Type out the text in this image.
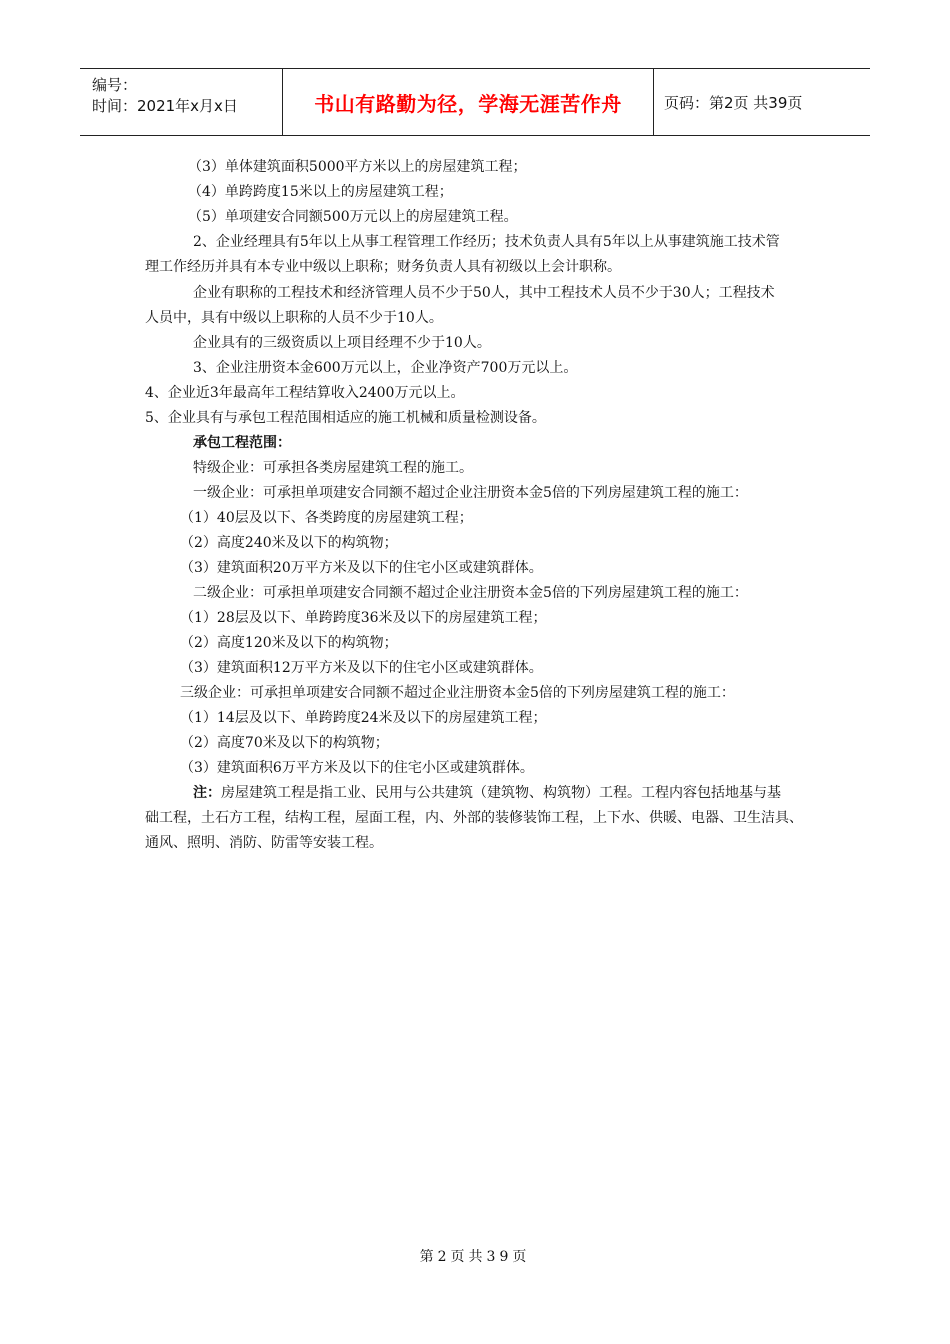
编号：
时间：2021年x月x日	书山有路勤为径，学海无涯苦作舟	页码：第2页 共39页
（3）单体建筑面积5000平方米以上的房屋建筑工程；
（4）单跨跨度15米以上的房屋建筑工程；
（5）单项建安合同额500万元以上的房屋建筑工程。
2、企业经理具有5年以上从事工程管理工作经历；技术负责人具有5年以上从事建筑施工技术管
理工作经历并具有本专业中级以上职称；财务负责人具有初级以上会计职称。
企业有职称的工程技术和经济管理人员不少于50人，其中工程技术人员不少于30人；工程技术
人员中，具有中级以上职称的人员不少于10人。
企业具有的三级资质以上项目经理不少于10人。
3、企业注册资本金600万元以上，企业净资产700万元以上。
4、企业近3年最高年工程结算收入2400万元以上。
5、企业具有与承包工程范围相适应的施工机械和质量检测设备。
承包工程范围：
特级企业：可承担各类房屋建筑工程的施工。
一级企业：可承担单项建安合同额不超过企业注册资本金5倍的下列房屋建筑工程的施工：
（1）40层及以下、各类跨度的房屋建筑工程；
（2）高度240米及以下的构筑物；
（3）建筑面积20万平方米及以下的住宅小区或建筑群体。
二级企业：可承担单项建安合同额不超过企业注册资本金5倍的下列房屋建筑工程的施工：
（1）28层及以下、单跨跨度36米及以下的房屋建筑工程；
（2）高度120米及以下的构筑物；
（3）建筑面积12万平方米及以下的住宅小区或建筑群体。
三级企业：可承担单项建安合同额不超过企业注册资本金5倍的下列房屋建筑工程的施工：
（1）14层及以下、单跨跨度24米及以下的房屋建筑工程；
（2）高度70米及以下的构筑物；
（3）建筑面积6万平方米及以下的住宅小区或建筑群体。
注：房屋建筑工程是指工业、民用与公共建筑（建筑物、构筑物）工程。工程内容包括地基与基
础工程，土石方工程，结构工程，屋面工程，内、外部的装修装饰工程，上下水、供暖、电器、卫生洁具、
通风、照明、消防、防雷等安装工程。
第2页共39页
